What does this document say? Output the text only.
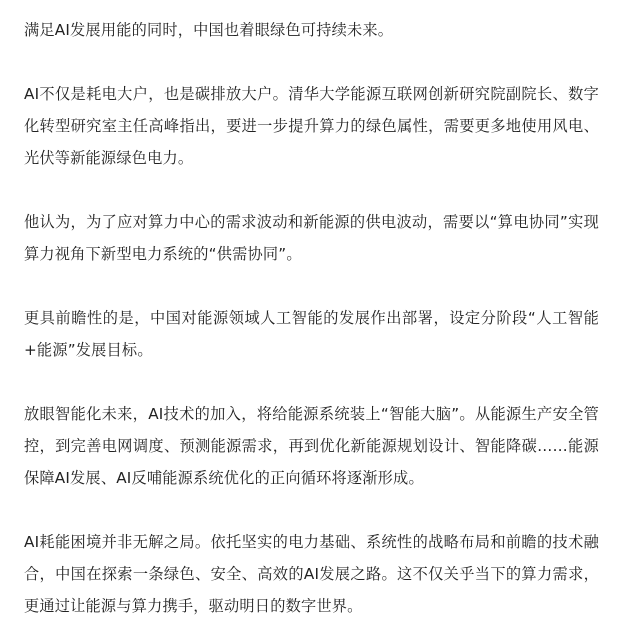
满足AI发展用能的同时，中国也着眼绿色可持续未来。

AI不仅是耗电大户，也是碳排放大户。清华大学能源互联网创新研究院副院长、数字化转型研究室主任高峰指出，要进一步提升算力的绿色属性，需要更多地使用风电、光伏等新能源绿色电力。

他认为，为了应对算力中心的需求波动和新能源的供电波动，需要以“算电协同”实现算力视角下新型电力系统的“供需协同”。

更具前瞻性的是，中国对能源领域人工智能的发展作出部署，设定分阶段“人工智能+能源”发展目标。

放眼智能化未来，AI技术的加入，将给能源系统装上“智能大脑”。从能源生产安全管控，到完善电网调度、预测能源需求，再到优化新能源规划设计、智能降碳……能源保障AI发展、AI反哺能源系统优化的正向循环将逐渐形成。

AI耗能困境并非无解之局。依托坚实的电力基础、系统性的战略布局和前瞻的技术融合，中国在探索一条绿色、安全、高效的AI发展之路。这不仅关乎当下的算力需求，更通过让能源与算力携手，驱动明日的数字世界。
